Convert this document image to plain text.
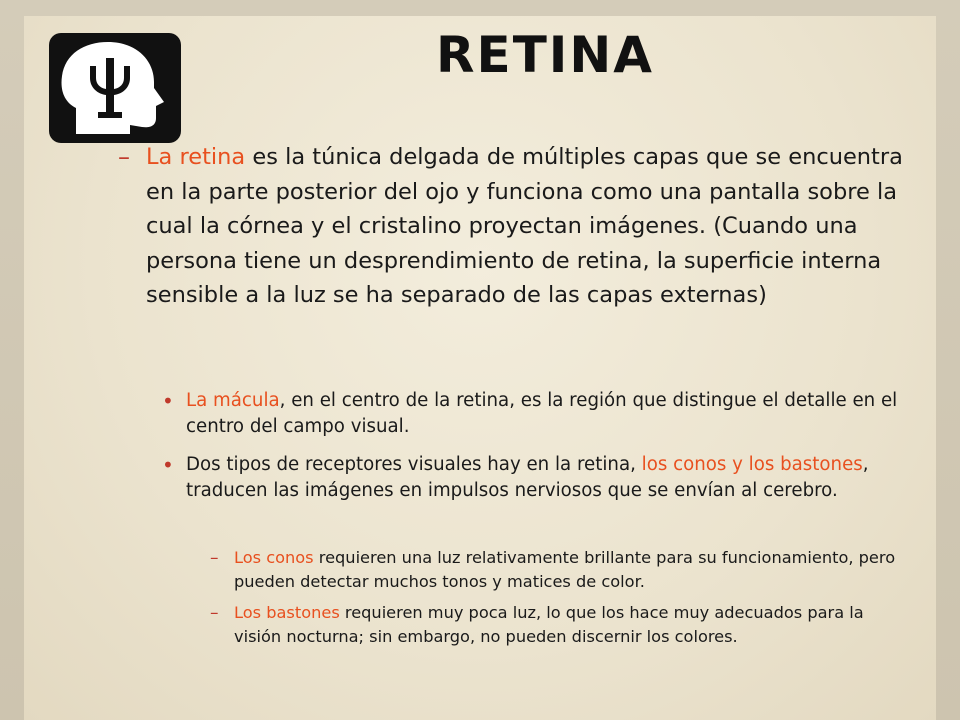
RETINA
– La retina es la túnica delgada de múltiples capas que se encuentra en la parte posterior del ojo y funciona como una pantalla sobre la cual la córnea y el cristalino proyectan imágenes. (Cuando una persona tiene un desprendimiento de retina, la superficie interna sensible a la luz se ha separado de las capas externas)
• La mácula, en el centro de la retina, es la región que distingue el detalle en el centro del campo visual.
• Dos tipos de receptores visuales hay en la retina, los conos y los bastones, traducen las imágenes en impulsos nerviosos que se envían al cerebro.
– Los conos requieren una luz relativamente brillante para su funcionamiento, pero pueden detectar muchos tonos y matices de color.
– Los bastones requieren muy poca luz, lo que los hace muy adecuados para la visión nocturna; sin embargo, no pueden discernir los colores.
